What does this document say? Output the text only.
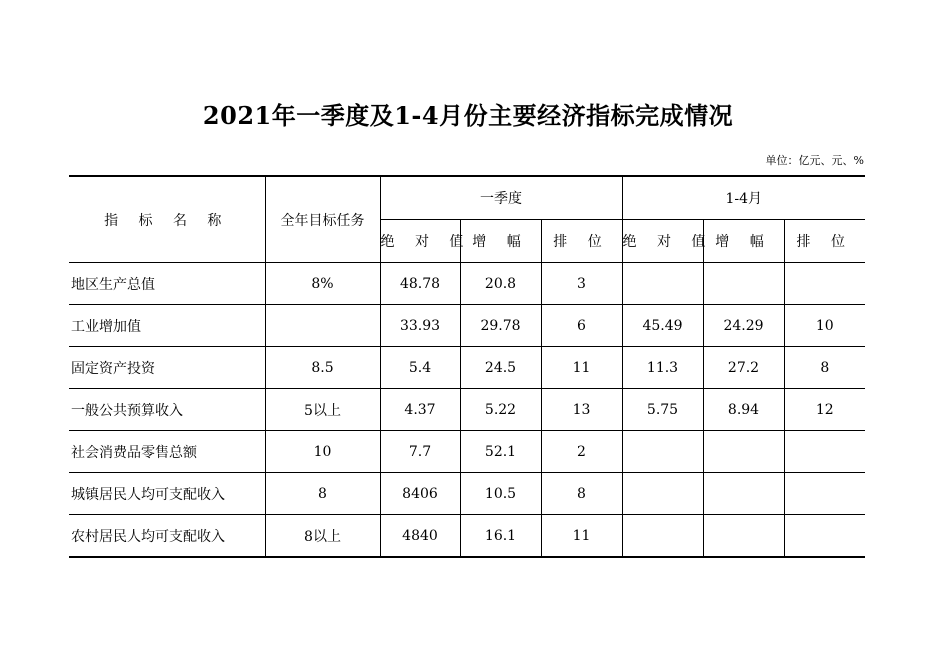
2021年一季度及1-4月份主要经济指标完成情况
单位：亿元、元、%
指 标 名 称	全年目标任务	一季度			1-4月		
		绝 对 值	增 幅	排 位	绝 对 值	增 幅	排 位
地区生产总值	8%	48.78	20.8	3			
工业增加值		33.93	29.78	6	45.49	24.29	10
固定资产投资	8.5	5.4	24.5	11	11.3	27.2	8
一般公共预算收入	5以上	4.37	5.22	13	5.75	8.94	12
社会消费品零售总额	10	7.7	52.1	2			
城镇居民人均可支配收入	8	8406	10.5	8			
农村居民人均可支配收入	8以上	4840	16.1	11			
